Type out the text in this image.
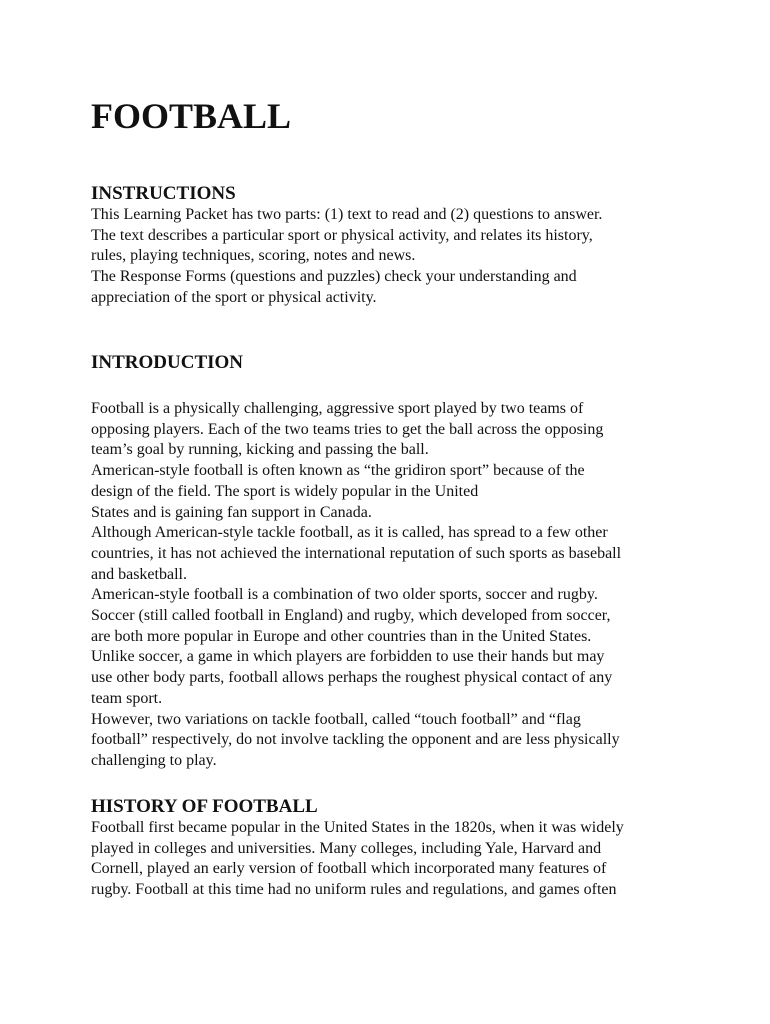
FOOTBALL
INSTRUCTIONS

This Learning Packet has two parts: (1) text to read and (2) questions to answer.

The text describes a particular sport or physical activity, and relates its history,

rules, playing techniques, scoring, notes and news.

The Response Forms (questions and puzzles) check your understanding and

appreciation of the sport or physical activity.

INTRODUCTION

Football is a physically challenging, aggressive sport played by two teams of

opposing players. Each of the two teams tries to get the ball across the opposing

team’s goal by running, kicking and passing the ball.

American-style football is often known as “the gridiron sport” because of the

design of the field. The sport is widely popular in the United

States and is gaining fan support in Canada.

Although American-style tackle football, as it is called, has spread to a few other

countries, it has not achieved the international reputation of such sports as baseball

and basketball.

American-style football is a combination of two older sports, soccer and rugby.

Soccer (still called football in England) and rugby, which developed from soccer,

are both more popular in Europe and other countries than in the United States.

Unlike soccer, a game in which players are forbidden to use their hands but may

use other body parts, football allows perhaps the roughest physical contact of any

team sport.

However, two variations on tackle football, called “touch football” and “flag

football” respectively, do not involve tackling the opponent and are less physically

challenging to play.

HISTORY OF FOOTBALL

Football first became popular in the United States in the 1820s, when it was widely

played in colleges and universities. Many colleges, including Yale, Harvard and

Cornell, played an early version of football which incorporated many features of

rugby. Football at this time had no uniform rules and regulations, and games often
